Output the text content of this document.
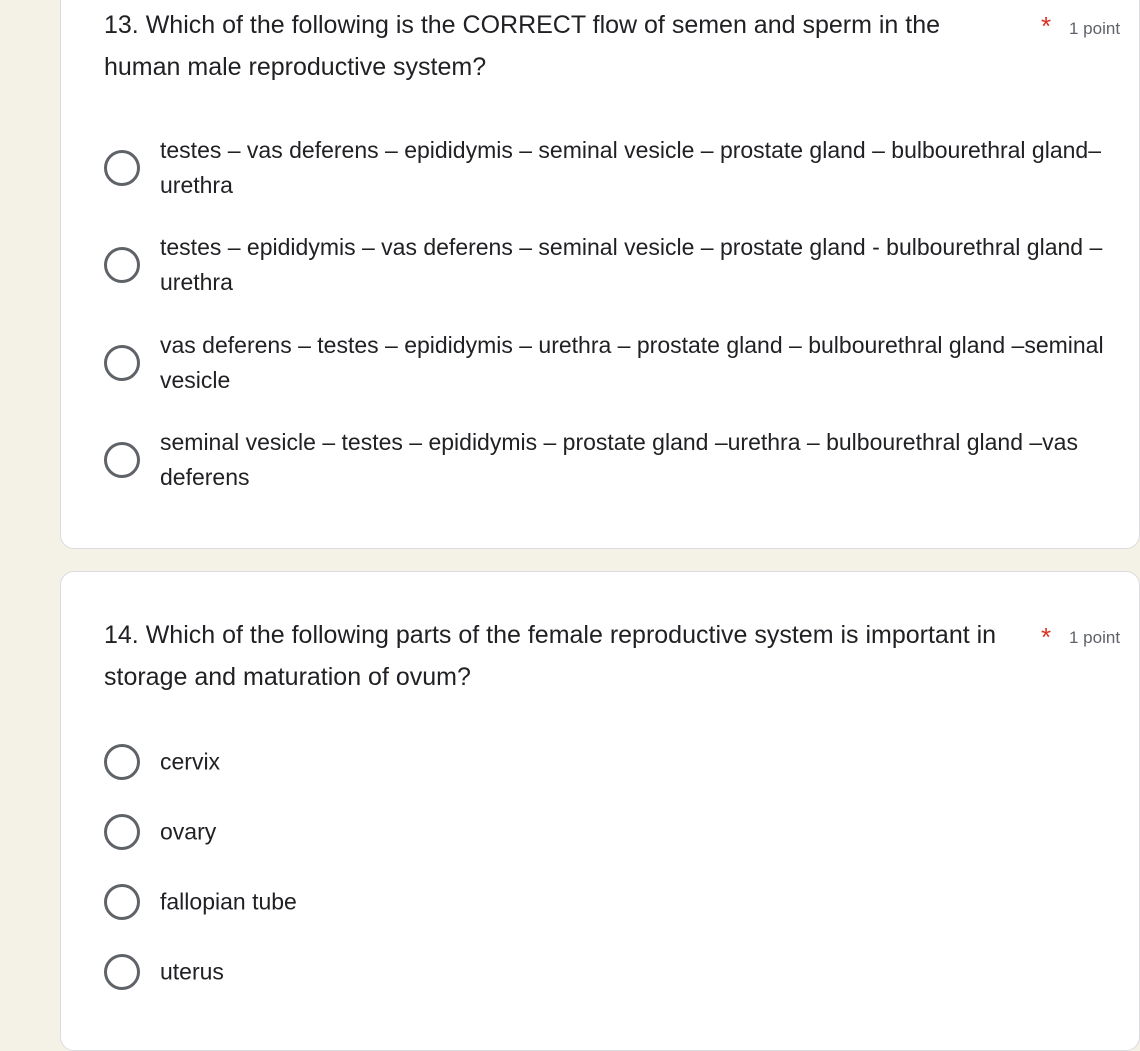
13. Which of the following is the CORRECT flow of semen and sperm in the human male reproductive system?
* 1 point
testes – vas deferens – epididymis – seminal vesicle – prostate gland – bulbourethral gland– urethra
testes – epididymis – vas deferens – seminal vesicle – prostate gland - bulbourethral gland – urethra
vas deferens – testes – epididymis – urethra – prostate gland – bulbourethral gland –seminal vesicle
seminal vesicle – testes – epididymis – prostate gland –urethra – bulbourethral gland –vas deferens
14. Which of the following parts of the female reproductive system is important in storage and maturation of ovum?
* 1 point
cervix
ovary
fallopian tube
uterus
